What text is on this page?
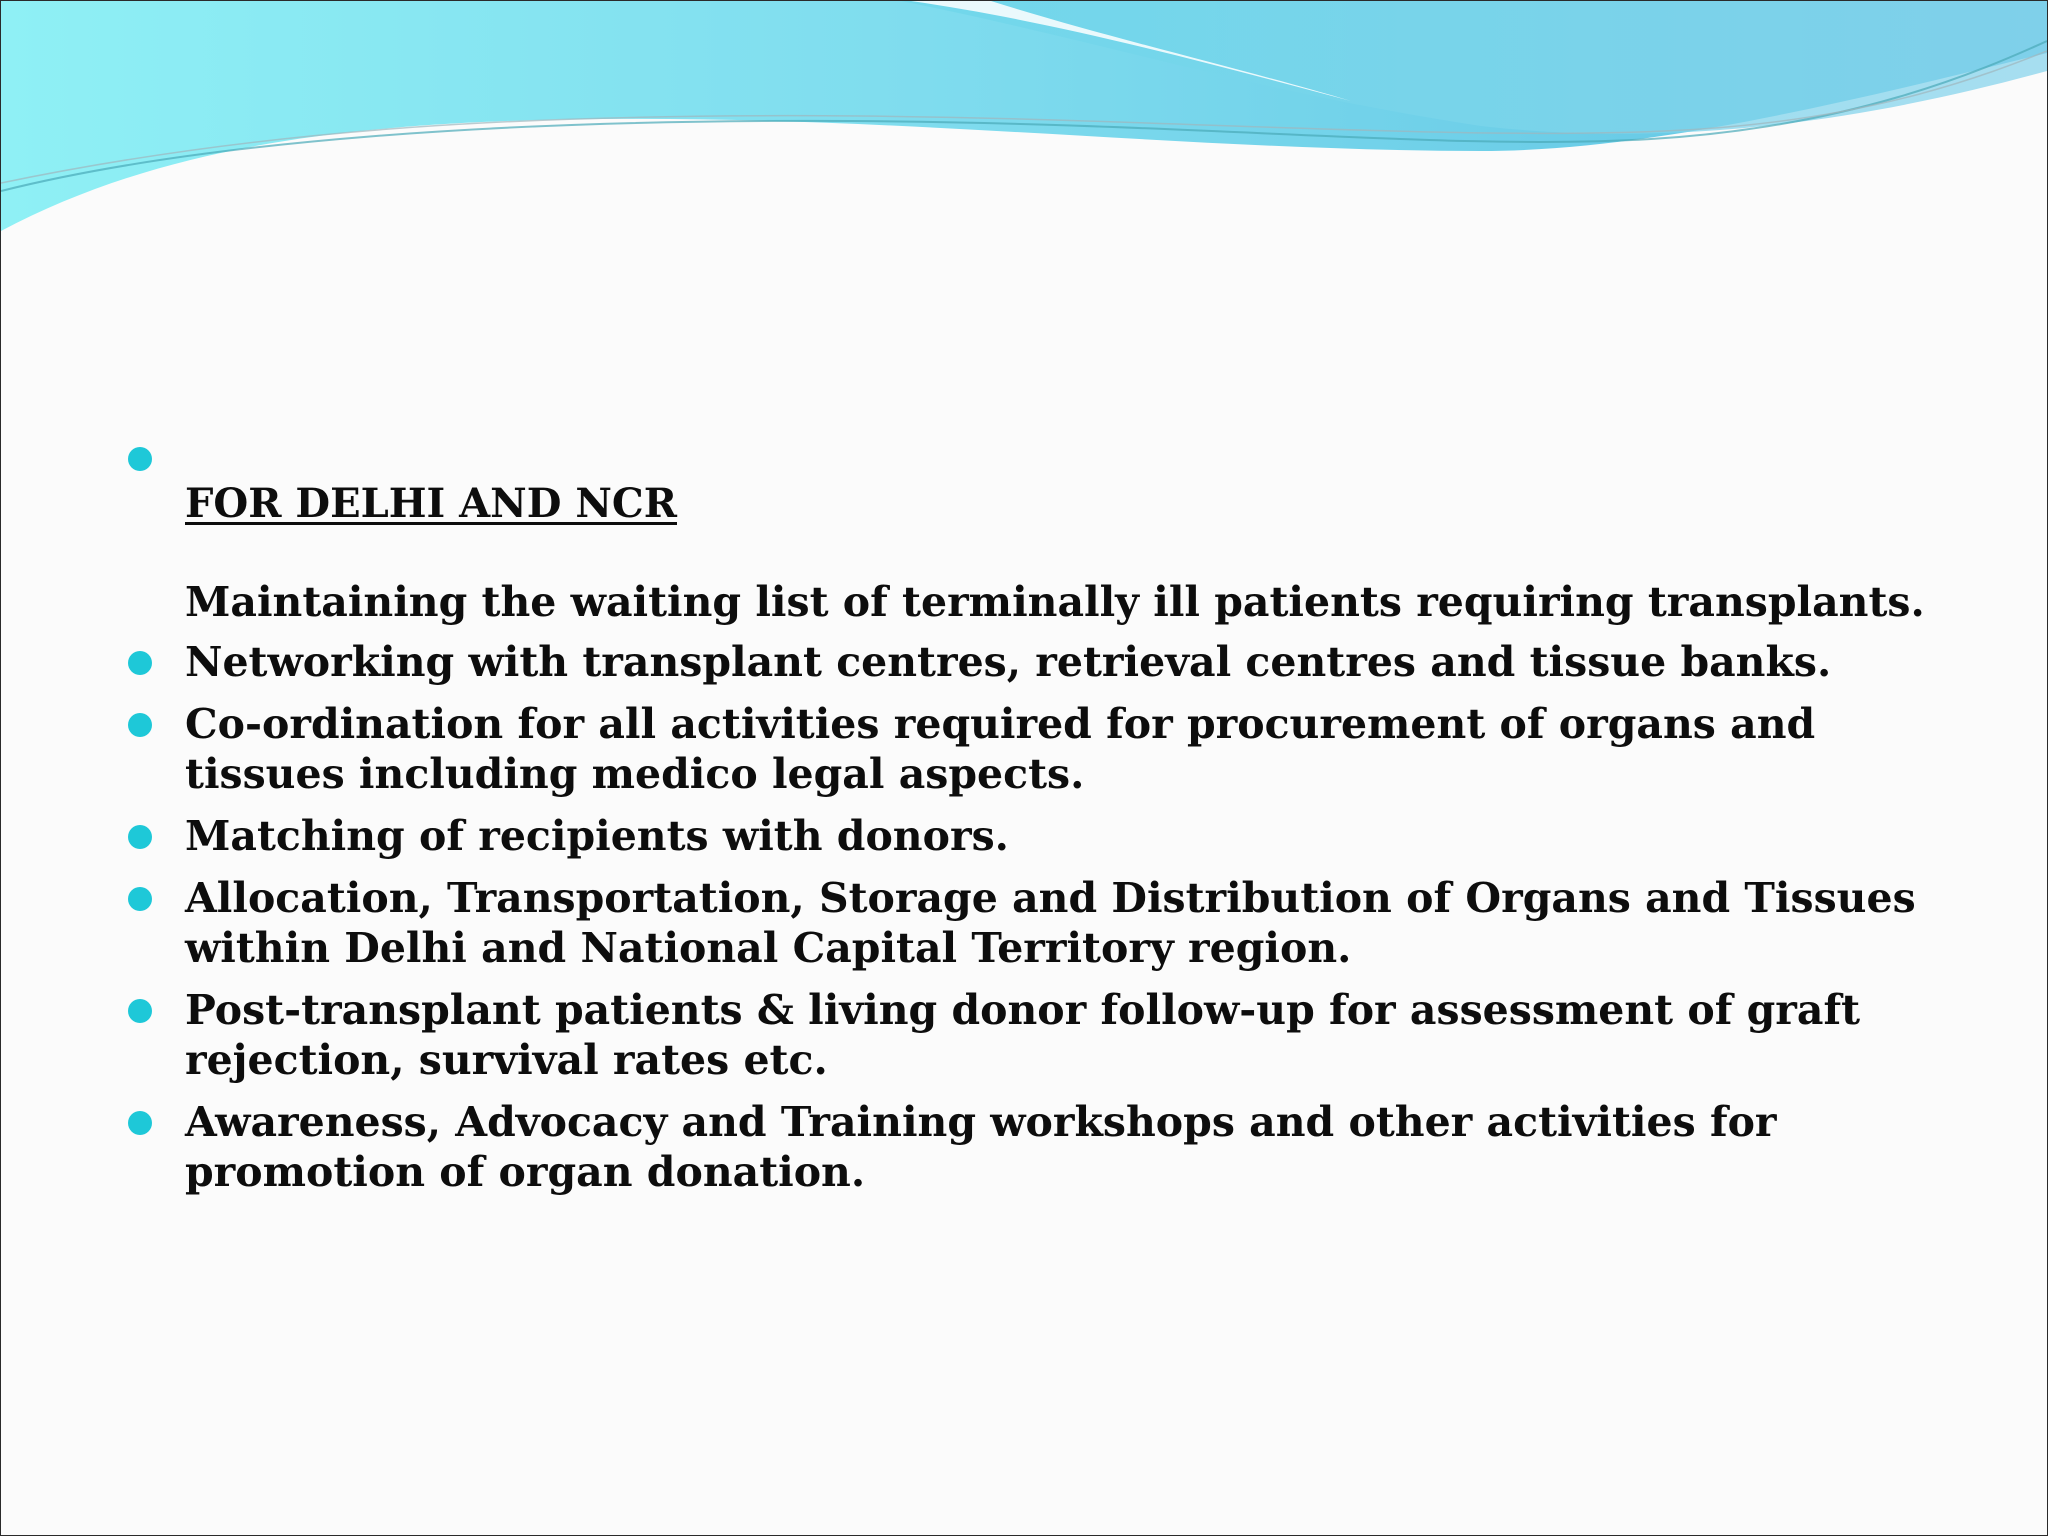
FOR DELHI AND NCR
Maintaining the waiting list of terminally ill patients requiring transplants.
Networking with transplant centres, retrieval centres and tissue banks.
Co-ordination for all activities required for procurement of organs and tissues including medico legal aspects.
Matching of recipients with donors.
Allocation, Transportation, Storage and Distribution of Organs and Tissues within Delhi and National Capital Territory region.
Post-transplant patients & living donor follow-up for assessment of graft rejection, survival rates etc.
Awareness, Advocacy and Training workshops and other activities for promotion of organ donation.
